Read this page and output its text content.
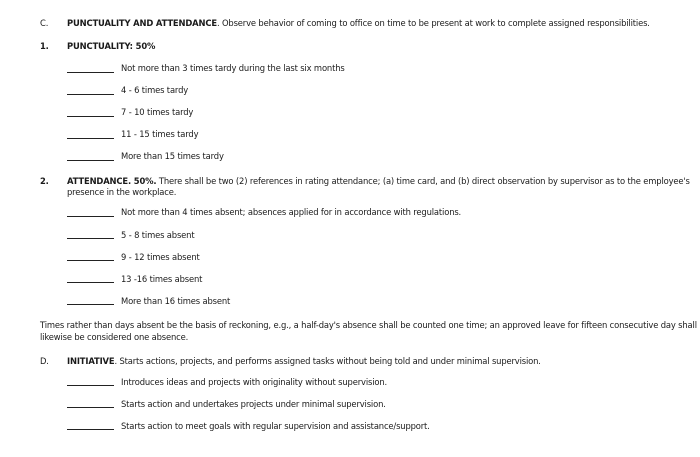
C. PUNCTUALITY AND ATTENDANCE. Observe behavior of coming to office on time to be present at work to complete assigned responsibilities.
1. PUNCTUALITY: 50%
Not more than 3 times tardy during the last six months
4 - 6 times tardy
7 - 10 times tardy
11 - 15 times tardy
More than 15 times tardy
2. ATTENDANCE. 50%. There shall be two (2) references in rating attendance; (a) time card, and (b) direct observation by supervisor as to the employee's
presence in the workplace.
Not more than 4 times absent; absences applied for in accordance with regulations.
5 - 8 times absent
9 - 12 times absent
13 -16 times absent
More than 16 times absent
Times rather than days absent be the basis of reckoning, e.g., a half-day's absence shall be counted one time; an approved leave for fifteen consecutive day shall
likewise be considered one absence.
D. INITIATIVE. Starts actions, projects, and performs assigned tasks without being told and under minimal supervision.
Introduces ideas and projects with originality without supervision.
Starts action and undertakes projects under minimal supervision.
Starts action to meet goals with regular supervision and assistance/support.
